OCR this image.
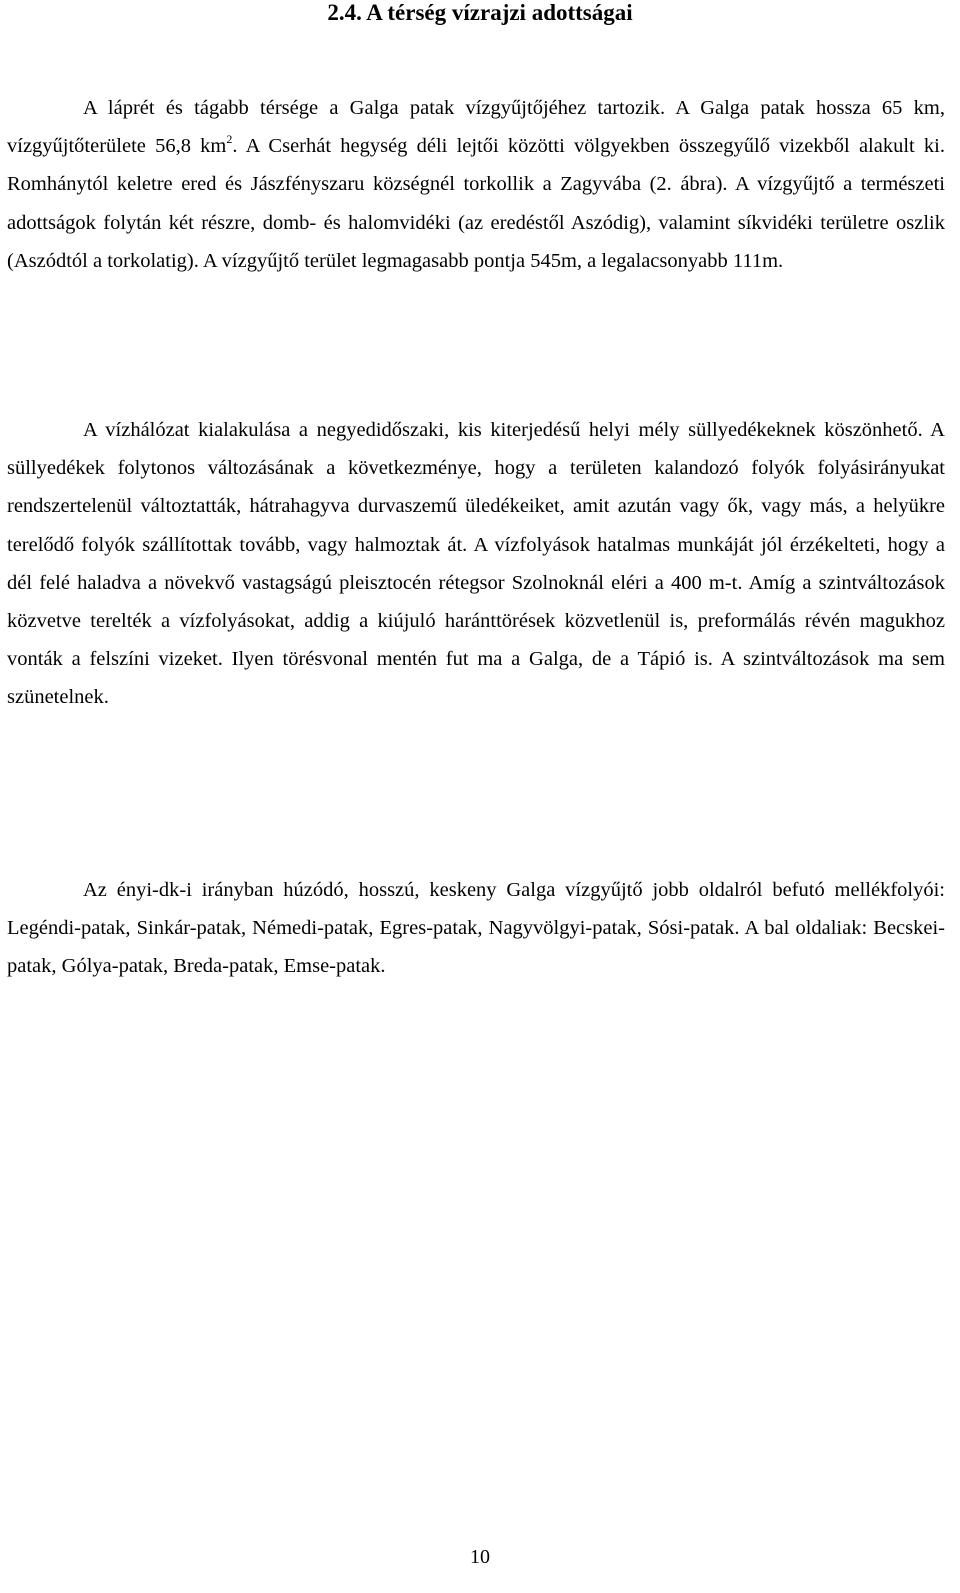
2.4. A térség vízrajzi adottságai

A láprét és tágabb térsége a Galga patak vízgyűjtőjéhez tartozik. A Galga patak hossza 65 km, vízgyűjtőterülete 56,8 $km^2$. A Cserhát hegység déli lejtői közötti völgyekben összegyűlő vizekből alakult ki. Romhánytól keletre ered és Jászfényszaru községnél torkollik a Zagyvába (2. ábra). A vízgyűjtő a természeti adottságok folytán két részre, domb- és halomvidéki (az eredéstől Aszódig), valamint síkvidéki területre oszlik (Aszódtól a torkolatig). A vízgyűjtő terület legmagasabb pontja 545m, a legalacsonyabb 111m.

A vízhálózat kialakulása a negyedidőszaki, kis kiterjedésű helyi mély süllyedékeknek köszönhető. A süllyedékek folytonos változásának a következménye, hogy a területen kalandozó folyók folyásirányukat rendszertelenül változtatták, hátrahagyva durvaszemű üledékeiket, amit azután vagy ők, vagy más, a helyükre terelődő folyók szállítottak tovább, vagy halmoztak át. A vízfolyások hatalmas munkáját jól érzékelteti, hogy a dél felé haladva a növekvő vastagságú pleisztocén rétegsor Szolnoknál eléri a 400 m-t. Amíg a szintváltozások közvetve terelték a vízfolyásokat, addig a kiújuló haránttörések közvetlenül is, preformálás révén magukhoz vonták a felszíni vizeket. Ilyen törésvonal mentén fut ma a Galga, de a Tápió is. A szintváltozások ma sem szünetelnek.

Az ényi-dk-i irányban húzódó, hosszú, keskeny Galga vízgyűjtő jobb oldalról befutó mellékfolyói: Legéndi-patak, Sinkár-patak, Némedi-patak, Egres-patak, Nagyvölgyi-patak, Sósi-patak. A bal oldaliak: Becskei-patak, Gólya-patak, Breda-patak, Emse-patak.

10
